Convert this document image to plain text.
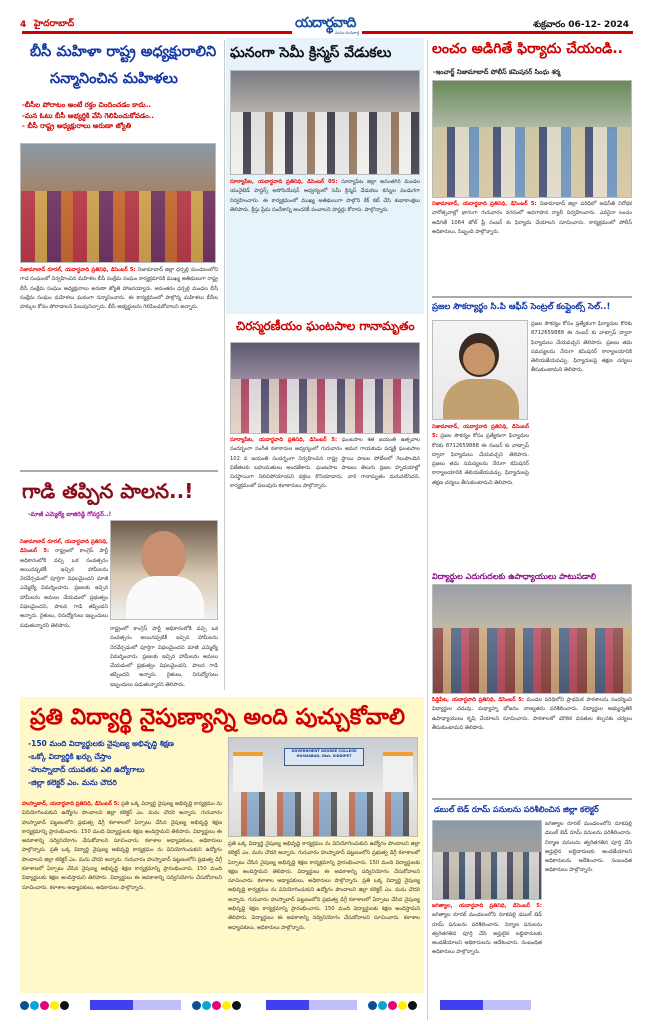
4 హైదరాబాద్	యదార్థవాది
మనం-మనవార్త
శుక్రవారం 06-12- 2024
బీసీ మహిళా రాష్ట్ర అధ్యక్షురాలిని
సన్మానించిన మహిళలు
-బీసీల పోరాటం అంటే రక్తం చిందించడం కాదు..
-మన ఓటు బీసీ అభ్యర్థికి వేసి గెలిపించుకోవడం..
- బీసీ రాష్ట్ర అధ్యక్షురాలు అరుణా జ్యోతి
నిజామాబాద్ రూరల్, యదార్థవాది ప్రతినిధి, డిసెంబర్ 5: నిజామాబాద్ జిల్లా ధర్పల్లి మండలంలోని గాడ సంఘంలో నిర్వహించిన మహిళల బీసీ సంక్షేమ సంఘం కార్యక్రమానికి ముఖ్య అతిథులుగా రాష్ట్ర బీసీ సంక్షేమ సంఘం అధ్యక్షురాలు అరుణా జ్యోతి హాజరయ్యారు. అనంతరం ధర్పల్లి మండల బీసీ సంక్షేమ సంఘం మహిళలు ఘనంగా సన్మానించారు. ఈ కార్యక్రమంలో పాల్గొన్న మహిళలు బీసీల హక్కుల కోసం పోరాడాలని పిలుపునిచ్చారు. బీసీ అభ్యర్థులను గెలిపించుకోవాలని అన్నారు.
గాడి తప్పిన పాలన..!
-మాజీ ఎమ్మెల్యే బాజిరెడ్డి గోవర్ధన్..!
నిజామాబాద్ రూరల్, యదార్థవాది ప్రతినిధి, డిసెంబర్ 5: రాష్ట్రంలో కాంగ్రెస్ పార్టీ అధికారంలోకి వచ్చి ఒక సంవత్సరం అయినప్పటికీ ఇచ్చిన హామీలను నెరవేర్చడంలో పూర్తిగా విఫలమైందని మాజీ ఎమ్మెల్యే విమర్శించారు. ప్రజలకు ఇచ్చిన హామీలను అమలు చేయడంలో ప్రభుత్వం విఫలమైందని, పాలన గాడి తప్పిందని అన్నారు. రైతులు, నిరుద్యోగులు ఇబ్బందులు పడుతున్నారని తెలిపారు.
రాష్ట్రంలో కాంగ్రెస్ పార్టీ అధికారంలోకి వచ్చి ఒక సంవత్సరం అయినప్పటికీ ఇచ్చిన హామీలను నెరవేర్చడంలో పూర్తిగా విఫలమైందని మాజీ ఎమ్మెల్యే విమర్శించారు. ప్రజలకు ఇచ్చిన హామీలను అమలు చేయడంలో ప్రభుత్వం విఫలమైందని, పాలన గాడి తప్పిందని అన్నారు. రైతులు, నిరుద్యోగులు ఇబ్బందులు పడుతున్నారని తెలిపారు.
ఘనంగా సెమీ క్రిస్మస్ వేడుకలు
సూర్యాపేట, యదార్థవాది ప్రతినిధి, డిసెంబర్ 05: సూర్యాపేట జిల్లా అనంతగిరి మండల యునైటెడ్ పాస్టర్స్ అసోసియేషన్ ఆధ్వర్యంలో సెమీ క్రిస్మస్ వేడుకలు కన్నుల పండుగగా నిర్వహించారు. ఈ కార్యక్రమంలో ముఖ్య అతిథులుగా పాల్గొని కేక్ కట్ చేసి శుభాకాంక్షలు తెలిపారు. క్రీస్తు ప్రేమ సందేశాన్ని అందరికీ పంచాలని పాస్టర్లు కోరారు. పాల్గొన్నారు.
చిరస్మరణీయం ఘంటసాల గానామృతం
సూర్యాపేట, యదార్థవాది ప్రతినిధి, డిసెంబర్ 5: ఘంటసాల శత జయంతి ఉత్సవాల సందర్భంగా సంగీత కళాకారుల ఆధ్వర్యంలో గురువారం అమర గాయకుడు పద్మశ్రీ ఘంటసాల 102 వ జయంతి సందర్భంగా నిర్వహించిన రాష్ట్ర స్థాయి పాటల పోటీలలో గెలుపొందిన విజేతలకు బహుమతులు అందజేశారు. ఘంటసాల పాటలు తెలుగు ప్రజల హృదయాల్లో చిరస్థాయిగా నిలిచిపోయాయని వక్తలు కొనియాడారు. వారి గానామృతం మరువలేనిదని, కార్యక్రమంలో పలువురు కళాకారులు పాల్గొన్నారు.
లంచం అడిగితే ఫిర్యాదు చేయండి..
-ఇంచార్జ్ నిజామాబాద్ పోలీస్ కమిషనర్ సింధు శర్మ
నిజామాబాద్, యదార్థవాది ప్రతినిధి, డిసెంబర్ 5: నిజామాబాద్ జిల్లా పరిధిలో అవినీతి నిరోధక వారోత్సవాల్లో భాగంగా గురువారం నగరంలో అవగాహన ర్యాలీ నిర్వహించారు. ఎవరైనా లంచం అడిగితే 1064 టోల్ ఫ్రీ నంబర్ కు ఫిర్యాదు చేయాలని సూచించారు. కార్యక్రమంలో పోలీస్ అధికారులు, సిబ్బంది పాల్గొన్నారు.
ప్రజల సౌకర్యార్థం సి.పి ఆఫీస్ సెంట్రల్ కంప్లైంట్స్ సెల్..!
ప్రజల సౌకర్యం కోసం ప్రత్యేకంగా ఫిర్యాదుల కొరకు 8712659888 ఈ నంబర్ కు వాట్సాప్ ద్వారా ఫిర్యాదులు చేయవచ్చని తెలిపారు. ప్రజలు తమ సమస్యలను నేరుగా కమిషనర్ కార్యాలయానికి తెలియజేయవచ్చు. ఫిర్యాదులపై తక్షణ చర్యలు తీసుకుంటామని తెలిపారు.
నిజామాబాద్, యదార్థవాది ప్రతినిధి, డిసెంబర్ 5: ప్రజల సౌకర్యం కోసం ప్రత్యేకంగా ఫిర్యాదుల కొరకు 8712659888 ఈ నంబర్ కు వాట్సాప్ ద్వారా ఫిర్యాదులు చేయవచ్చని తెలిపారు. ప్రజలు తమ సమస్యలను నేరుగా కమిషనర్ కార్యాలయానికి తెలియజేయవచ్చు. ఫిర్యాదులపై తక్షణ చర్యలు తీసుకుంటామని తెలిపారు.
విద్యార్థుల ఎదుగుదలకు ఉపాధ్యాయులు పాటుపడాలి
సిద్దిపేట, యదార్థవాది ప్రతినిధి, డిసెంబర్ 5: మండల పరిధిలోని ప్రాథమిక పాఠశాలను సందర్శించి విద్యార్థుల చదువు, మధ్యాహ్న భోజనం నాణ్యతను పరిశీలించారు. విద్యార్థుల అభ్యున్నతికి ఉపాధ్యాయులు కృషి చేయాలని సూచించారు. పాఠశాలలో మౌలిక వసతుల కల్పనకు చర్యలు తీసుకుంటామని తెలిపారు.
డబుల్ బెడ్ రూమ్ పనులను పరిశీలించిన జిల్లా కలెక్టర్
జగిత్యాల రూరల్ మండలంలోని నూకపల్లి డబుల్ బెడ్ రూమ్ పనులను పరిశీలించారు. నిర్మాణ పనులను త్వరితగతిన పూర్తి చేసి అర్హులైన లబ్ధిదారులకు అందజేయాలని అధికారులను ఆదేశించారు. సంబంధిత అధికారులు పాల్గొన్నారు.
జగిత్యాల, యదార్థవాది ప్రతినిధి, డిసెంబర్ 5: జగిత్యాల రూరల్ మండలంలోని నూకపల్లి డబుల్ బెడ్ రూమ్ పనులను పరిశీలించారు. నిర్మాణ పనులను త్వరితగతిన పూర్తి చేసి అర్హులైన లబ్ధిదారులకు అందజేయాలని అధికారులను ఆదేశించారు. సంబంధిత అధికారులు పాల్గొన్నారు.
ప్రతి విద్యార్థి నైపుణ్యాన్ని అంది పుచ్చుకోవాలి
-150 మంది విద్యార్థులకు నైపుణ్య అభివృద్ధి శిక్షణ
-ఒక్కో విద్యార్థికి ఖర్చు చేస్తాం
-హుస్నాబాద్ యువతకు ఎలి ఉద్యోగాలు
-జిల్లా కలెక్టర్ ఎం. మను చౌదరి
GOVERNMENT DEGREE COLLEGE HUSNABAD, Dist. SIDDIPET
హుస్నాబాద్, యదార్థవాది ప్రతినిధి, డిసెంబర్ 5: ప్రతి ఒక్క విద్యార్థి నైపుణ్య అభివృద్ధి కార్యక్రమం ను వినియోగించుకుని ఉద్యోగం పొందాలని జిల్లా కలెక్టర్ ఎం. మను చౌదరి అన్నారు. గురువారం హుస్నాబాద్ పట్టణంలోని ప్రభుత్వ డిగ్రీ కళాశాలలో ఏర్పాటు చేసిన నైపుణ్య అభివృద్ధి శిక్షణ కార్యక్రమాన్ని ప్రారంభించారు. 150 మంది విద్యార్థులకు శిక్షణ అందిస్తామని తెలిపారు. విద్యార్థులు ఈ అవకాశాన్ని సద్వినియోగం చేసుకోవాలని సూచించారు. కళాశాల అధ్యాపకులు, అధికారులు పాల్గొన్నారు. ప్రతి ఒక్క విద్యార్థి నైపుణ్య అభివృద్ధి కార్యక్రమం ను వినియోగించుకుని ఉద్యోగం పొందాలని జిల్లా కలెక్టర్ ఎం. మను చౌదరి అన్నారు. గురువారం హుస్నాబాద్ పట్టణంలోని ప్రభుత్వ డిగ్రీ కళాశాలలో ఏర్పాటు చేసిన నైపుణ్య అభివృద్ధి శిక్షణ కార్యక్రమాన్ని ప్రారంభించారు. 150 మంది విద్యార్థులకు శిక్షణ అందిస్తామని తెలిపారు. విద్యార్థులు ఈ అవకాశాన్ని సద్వినియోగం చేసుకోవాలని సూచించారు. కళాశాల అధ్యాపకులు, అధికారులు పాల్గొన్నారు.
ప్రతి ఒక్క విద్యార్థి నైపుణ్య అభివృద్ధి కార్యక్రమం ను వినియోగించుకుని ఉద్యోగం పొందాలని జిల్లా కలెక్టర్ ఎం. మను చౌదరి అన్నారు. గురువారం హుస్నాబాద్ పట్టణంలోని ప్రభుత్వ డిగ్రీ కళాశాలలో ఏర్పాటు చేసిన నైపుణ్య అభివృద్ధి శిక్షణ కార్యక్రమాన్ని ప్రారంభించారు. 150 మంది విద్యార్థులకు శిక్షణ అందిస్తామని తెలిపారు. విద్యార్థులు ఈ అవకాశాన్ని సద్వినియోగం చేసుకోవాలని సూచించారు. కళాశాల అధ్యాపకులు, అధికారులు పాల్గొన్నారు. ప్రతి ఒక్క విద్యార్థి నైపుణ్య అభివృద్ధి కార్యక్రమం ను వినియోగించుకుని ఉద్యోగం పొందాలని జిల్లా కలెక్టర్ ఎం. మను చౌదరి అన్నారు. గురువారం హుస్నాబాద్ పట్టణంలోని ప్రభుత్వ డిగ్రీ కళాశాలలో ఏర్పాటు చేసిన నైపుణ్య అభివృద్ధి శిక్షణ కార్యక్రమాన్ని ప్రారంభించారు. 150 మంది విద్యార్థులకు శిక్షణ అందిస్తామని తెలిపారు. విద్యార్థులు ఈ అవకాశాన్ని సద్వినియోగం చేసుకోవాలని సూచించారు. కళాశాల అధ్యాపకులు, అధికారులు పాల్గొన్నారు.
